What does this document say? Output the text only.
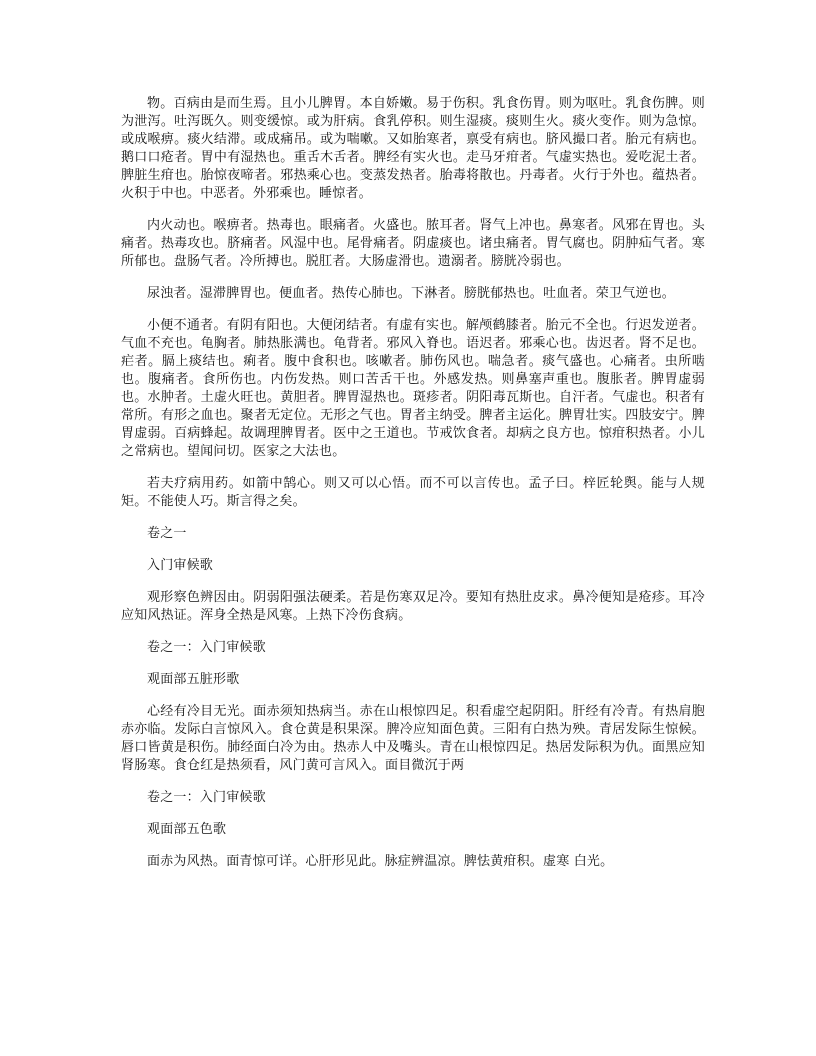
物。百病由是而生焉。且小儿脾胃。本自娇嫩。易于伤积。乳食伤胃。则为呕吐。乳食伤脾。则为泄泻。吐泻既久。则变缓惊。或为肝病。食乳停积。则生湿痰。痰则生火。痰火变作。则为急惊。或成喉痹。痰火结滞。或成痛吊。或为喘嗽。又如胎寒者，禀受有病也。脐风撮口者。胎元有病也。鹅口口疮者。胃中有湿热也。重舌木舌者。脾经有实火也。走马牙疳者。气虚实热也。爱吃泥土者。脾脏生疳也。胎惊夜啼者。邪热乘心也。变蒸发热者。胎毒将散也。丹毒者。火行于外也。蕴热者。火积于中也。中恶者。外邪乘也。睡惊者。

内火动也。喉痹者。热毒也。眼痛者。火盛也。脓耳者。肾气上冲也。鼻寒者。风邪在胃也。头痛者。热毒攻也。脐痛者。风湿中也。尾骨痛者。阴虚痰也。诸虫痛者。胃气腐也。阴肿疝气者。寒所郁也。盘肠气者。冷所搏也。脱肛者。大肠虚滑也。遗溺者。膀胱冷弱也。

尿浊者。湿滞脾胃也。便血者。热传心肺也。下淋者。膀胱郁热也。吐血者。荣卫气逆也。

小便不通者。有阴有阳也。大便闭结者。有虚有实也。解颅鹤膝者。胎元不全也。行迟发逆者。气血不充也。龟胸者。肺热胀满也。龟背者。邪风入脊也。语迟者。邪乘心也。齿迟者。肾不足也。疟者。膈上痰结也。痢者。腹中食积也。咳嗽者。肺伤风也。喘急者。痰气盛也。心痛者。虫所啮也。腹痛者。食所伤也。内伤发热。则口苦舌干也。外感发热。则鼻塞声重也。腹胀者。脾胃虚弱也。水肿者。土虚火旺也。黄胆者。脾胃湿热也。斑疹者。阴阳毒瓦斯也。自汗者。气虚也。积者有常所。有形之血也。聚者无定位。无形之气也。胃者主纳受。脾者主运化。脾胃壮实。四肢安宁。脾胃虚弱。百病蜂起。故调理脾胃者。医中之王道也。节戒饮食者。却病之良方也。惊疳积热者。小儿之常病也。望闻问切。医家之大法也。

若夫疗病用药。如箭中鹄心。则又可以心悟。而不可以言传也。孟子曰。梓匠轮舆。能与人规矩。不能使人巧。斯言得之矣。

卷之一

入门审候歌

观形察色辨因由。阴弱阳强法硬柔。若是伤寒双足冷。要知有热肚皮求。鼻冷便知是疮疹。耳冷应知风热证。浑身全热是风寒。上热下冷伤食病。

卷之一：入门审候歌

观面部五脏形歌

心经有冷目无光。面赤须知热病当。赤在山根惊四足。积看虚空起阴阳。肝经有冷青。有热肩胞赤亦临。发际白言惊风入。食仓黄是积果深。脾冷应知面色黄。三阳有白热为殃。青居发际生惊候。唇口皆黄是积伤。肺经面白冷为由。热赤人中及嘴头。青在山根惊四足。热居发际积为仇。面黑应知肾肠寒。食仓红是热须看，风门黄可言风入。面目微沉于两

卷之一：入门审候歌

观面部五色歌

面赤为风热。面青惊可详。心肝形见此。脉症辨温凉。脾怯黄疳积。虚寒 白光。
